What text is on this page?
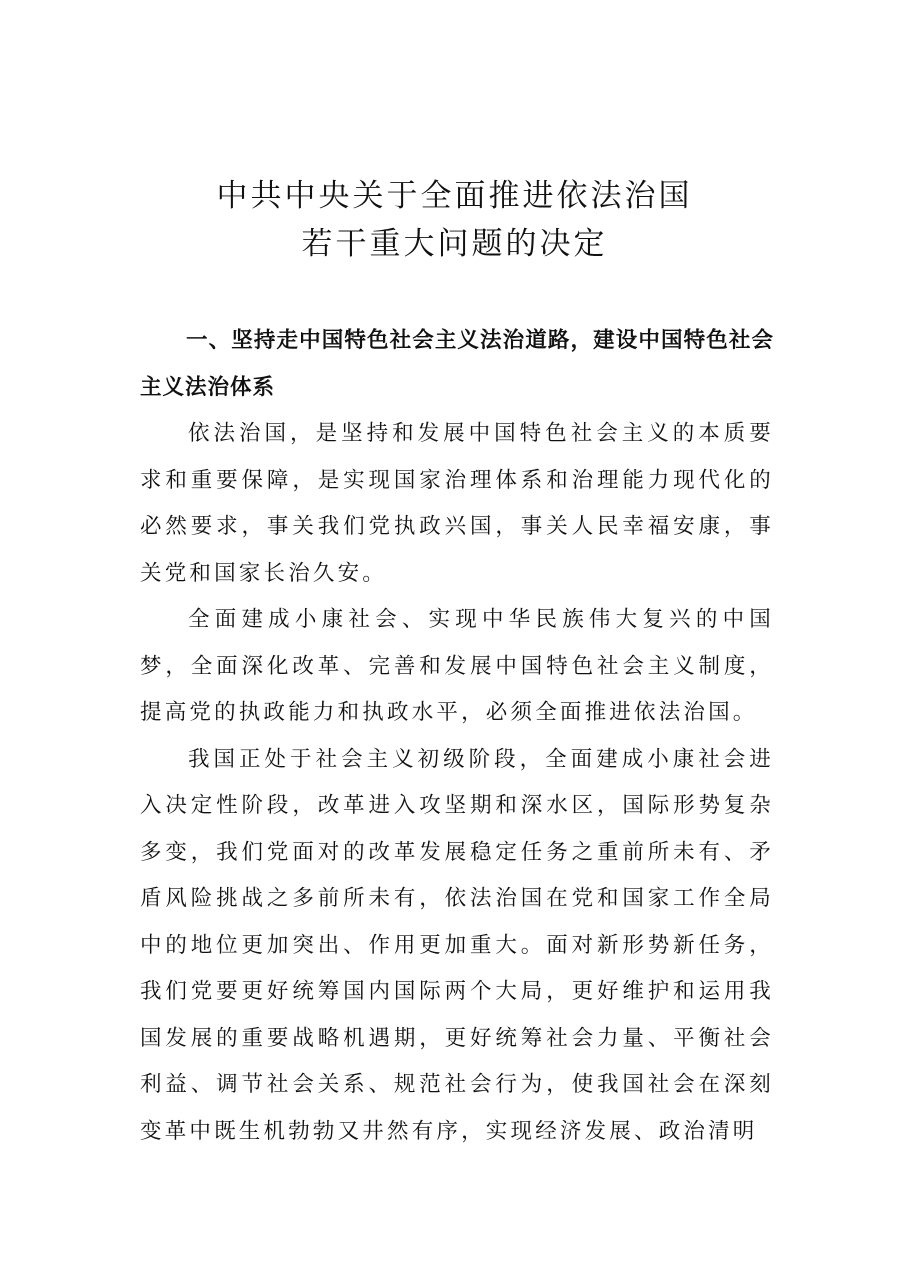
中共中央关于全面推进依法治国

若干重大问题的决定

一、坚持走中国特色社会主义法治道路，建设中国特色社会主义法治体系

依法治国，是坚持和发展中国特色社会主义的本质要求和重要保障，是实现国家治理体系和治理能力现代化的必然要求，事关我们党执政兴国，事关人民幸福安康，事关党和国家长治久安。

全面建成小康社会、实现中华民族伟大复兴的中国梦，全面深化改革、完善和发展中国特色社会主义制度，提高党的执政能力和执政水平，必须全面推进依法治国。

我国正处于社会主义初级阶段，全面建成小康社会进入决定性阶段，改革进入攻坚期和深水区，国际形势复杂多变，我们党面对的改革发展稳定任务之重前所未有、矛盾风险挑战之多前所未有，依法治国在党和国家工作全局中的地位更加突出、作用更加重大。面对新形势新任务，我们党要更好统筹国内国际两个大局，更好维护和运用我国发展的重要战略机遇期，更好统筹社会力量、平衡社会利益、调节社会关系、规范社会行为，使我国社会在深刻变革中既生机勃勃又井然有序，实现经济发展、政治清明
